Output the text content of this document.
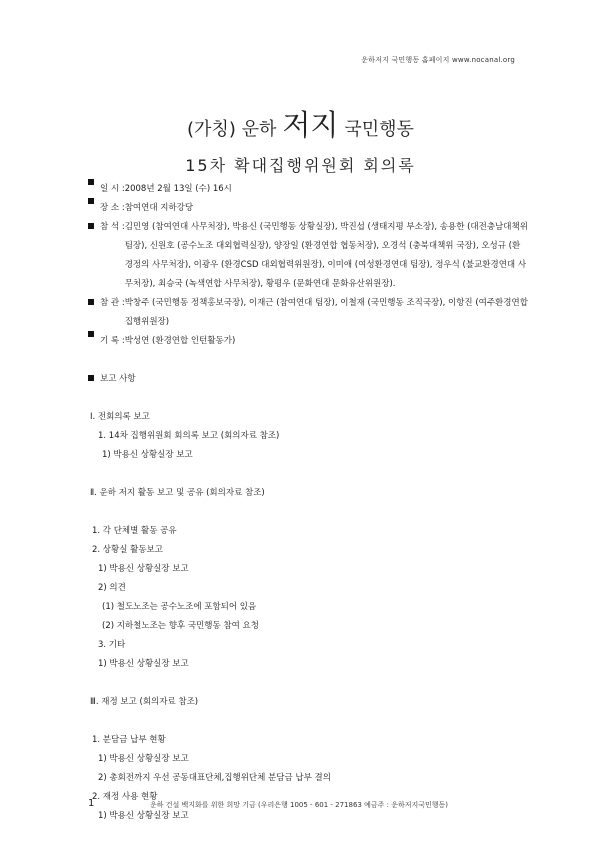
운하저지 국민행동 홈페이지 www.nocanal.org
(가칭) 운하 저지 국민행동
15차 확대집행위원회 회의록
일 시 : 2008년 2월 13일 (수) 16시
장 소 : 참여연대 지하강당
참 석 : 김민영 (참여연대 사무처장), 박용신 (국민행동 상황실장), 박진섭 (생태지평 부소장), 송용한 (대전충남대책위 팀장), 신원호 (공수노조 대외협력실장), 양장일 (환경연합 협동처장), 오경석 (충북대책위 국장), 오성규 (환경정의 사무처장), 이광우 (환경CSD 대외협력위원장), 이미애 (여성환경연대 팀장), 정우식 (불교환경연대 사무처장), 최승국 (녹색연합 사무처장), 황평우 (문화연대 문화유산위원장).
참 관 : 박창주 (국민행동 정책홍보국장), 이재근 (참여연대 팀장), 이철재 (국민행동 조직국장), 이항진 (여주환경연합 집행위원장)
기 록 : 박성연 (환경연합 인턴활동가)
보고 사항
Ⅰ. 전회의록 보고
1. 14차 집행위원회 회의록 보고 (회의자료 참조)
1) 박용신 상황실장 보고
Ⅱ. 운하 저지 활동 보고 및 공유 (회의자료 참조)
1. 각 단체별 활동 공유
2. 상황실 활동보고
1) 박용신 상황실장 보고
2) 의견
(1) 철도노조는 공수노조에 포함되어 있음
(2) 지하철노조는 향후 국민행동 참여 요청
3. 기타
1) 박용신 상황실장 보고
Ⅲ. 재정 보고 (회의자료 참조)
1. 분담금 납부 현황
1) 박용신 상황실장 보고
2) 총회전까지 우선 공동대표단체,집행위단체 분담금 납부 결의
2. 재정 사용 현황
1) 박용신 상황실장 보고
1	운하 건설 백지화를 위한 희망 기금 (우리은행 1005 - 601 - 271863 예금주 : 운하저지국민행동)
